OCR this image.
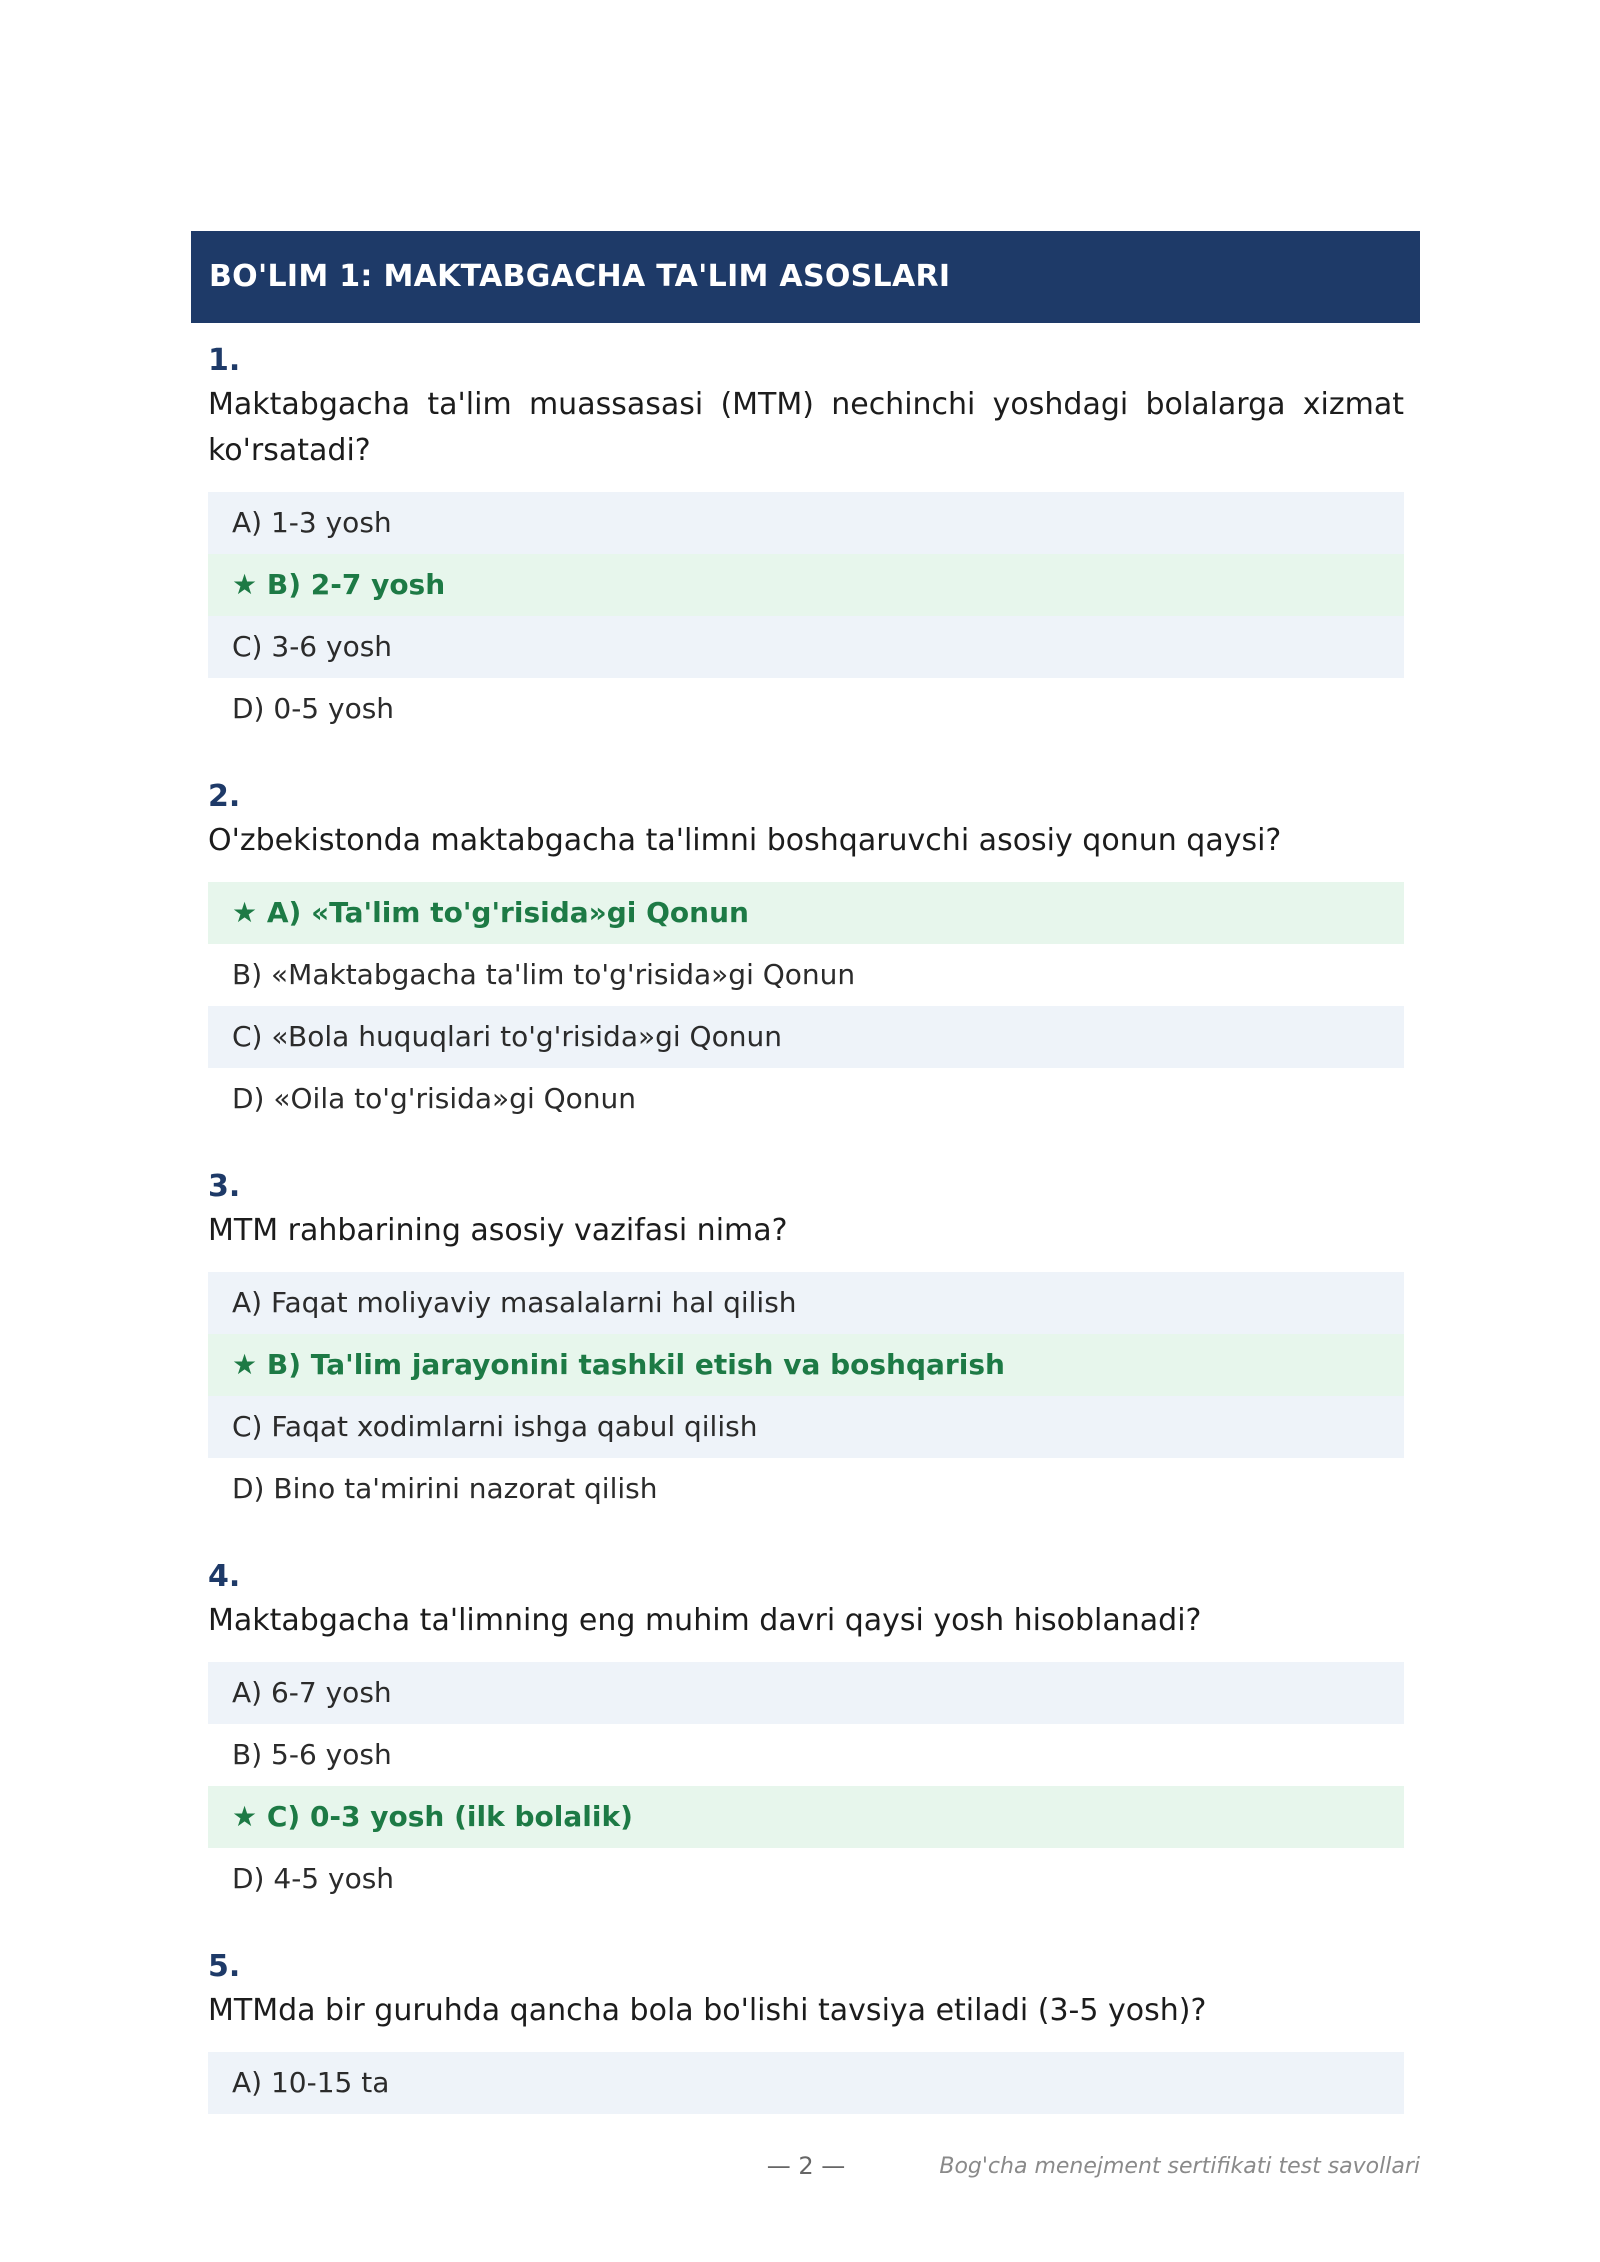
BO'LIM 1: MAKTABGACHA TA'LIM ASOSLARI
1.
Maktabgacha ta'lim muassasasi (MTM) nechinchi yoshdagi bolalarga xizmat ko'rsatadi?
A) 1-3 yosh
★ B) 2-7 yosh
C) 3-6 yosh
D) 0-5 yosh
2.
O'zbekistonda maktabgacha ta'limni boshqaruvchi asosiy qonun qaysi?
★ A) «Ta'lim to'g'risida»gi Qonun
B) «Maktabgacha ta'lim to'g'risida»gi Qonun
C) «Bola huquqlari to'g'risida»gi Qonun
D) «Oila to'g'risida»gi Qonun
3.
MTM rahbarining asosiy vazifasi nima?
A) Faqat moliyaviy masalalarni hal qilish
★ B) Ta'lim jarayonini tashkil etish va boshqarish
C) Faqat xodimlarni ishga qabul qilish
D) Bino ta'mirini nazorat qilish
4.
Maktabgacha ta'limning eng muhim davri qaysi yosh hisoblanadi?
A) 6-7 yosh
B) 5-6 yosh
★ C) 0-3 yosh (ilk bolalik)
D) 4-5 yosh
5.
MTMda bir guruhda qancha bola bo'lishi tavsiya etiladi (3-5 yosh)?
A) 10-15 ta
— 2 —	Bog'cha menejment sertifikati test savollari
